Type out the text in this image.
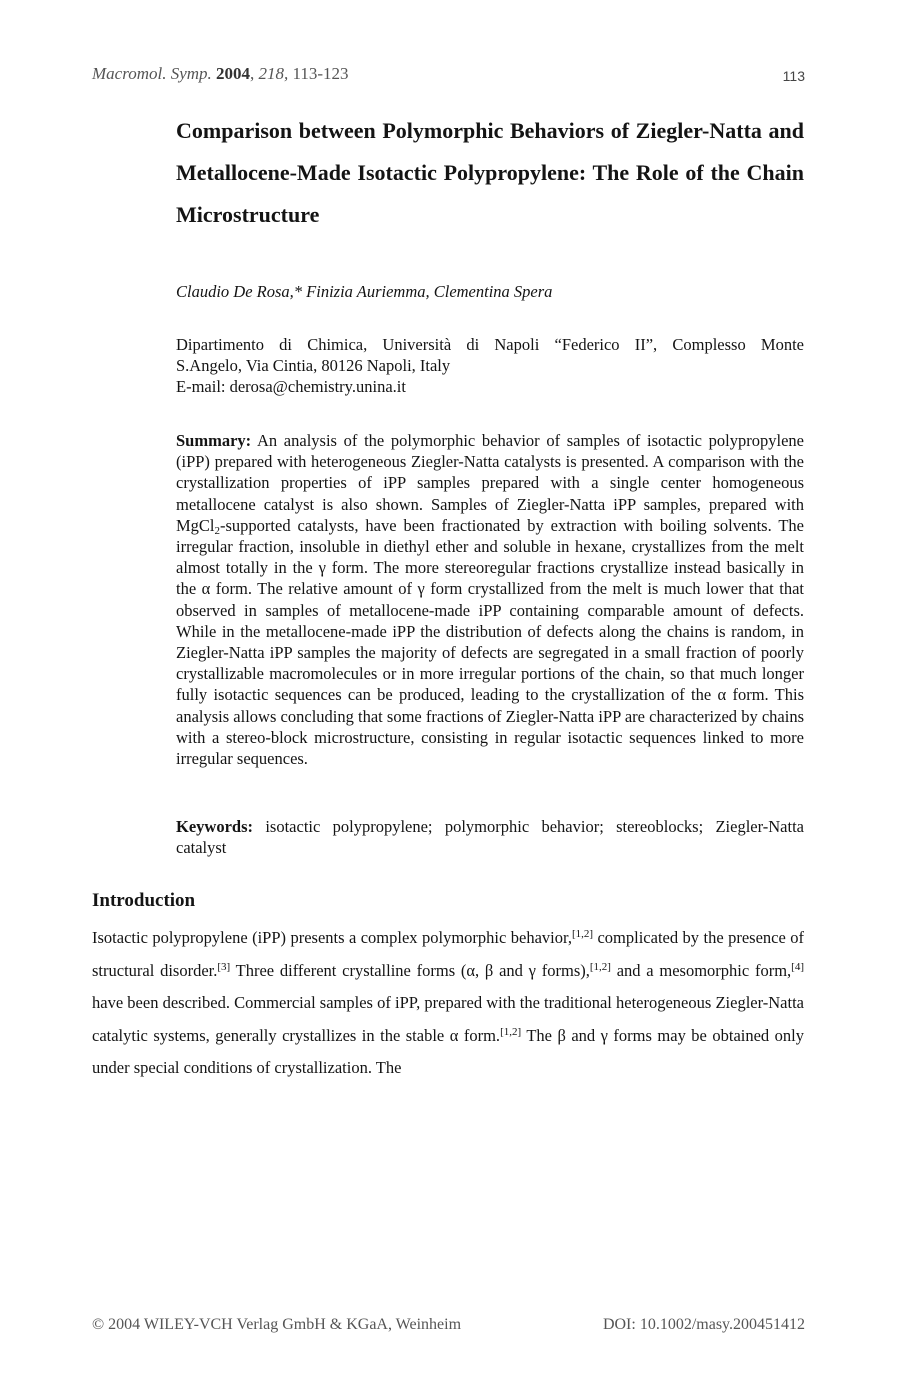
Macromol. Symp. 2004, 218, 113-123	113
Comparison between Polymorphic Behaviors of Ziegler-Natta and Metallocene-Made Isotactic Polypropylene: The Role of the Chain Microstructure
Claudio De Rosa,* Finizia Auriemma, Clementina Spera
Dipartimento di Chimica, Università di Napoli “Federico II”, Complesso Monte
S.Angelo, Via Cintia, 80126 Napoli, Italy
E-mail: derosa@chemistry.unina.it

Summary: An analysis of the polymorphic behavior of samples of isotactic polypropylene (iPP) prepared with heterogeneous Ziegler-Natta catalysts is presented. A comparison with the crystallization properties of iPP samples prepared with a single center homogeneous metallocene catalyst is also shown. Samples of Ziegler-Natta iPP samples, prepared with MgCl$_2$-supported catalysts, have been fractionated by extraction with boiling solvents. The irregular fraction, insoluble in diethyl ether and soluble in hexane, crystallizes from the melt almost totally in the γ form. The more stereoregular fractions crystallize instead basically in the α form. The relative amount of γ form crystallized from the melt is much lower that that observed in samples of metallocene-made iPP containing comparable amount of defects. While in the metallocene-made iPP the distribution of defects along the chains is random, in Ziegler-Natta iPP samples the majority of defects are segregated in a small fraction of poorly crystallizable macromolecules or in more irregular portions of the chain, so that much longer fully isotactic sequences can be produced, leading to the crystallization of the α form. This analysis allows concluding that some fractions of Ziegler-Natta iPP are characterized by chains with a stereo-block microstructure, consisting in regular isotactic sequences linked to more irregular sequences.

Keywords: isotactic polypropylene; polymorphic behavior; stereoblocks; Ziegler-Natta catalyst

Introduction

Isotactic polypropylene (iPP) presents a complex polymorphic behavior,[1,2] complicated by the presence of structural disorder.[3] Three different crystalline forms (α, β and γ forms),[1,2] and a mesomorphic form,[4] have been described. Commercial samples of iPP, prepared with the traditional heterogeneous Ziegler-Natta catalytic systems, generally crystallizes in the stable α form.[1,2] The β and γ forms may be obtained only under special conditions of crystallization. The

© 2004 WILEY-VCH Verlag GmbH & KGaA, Weinheim	DOI: 10.1002/masy.200451412
